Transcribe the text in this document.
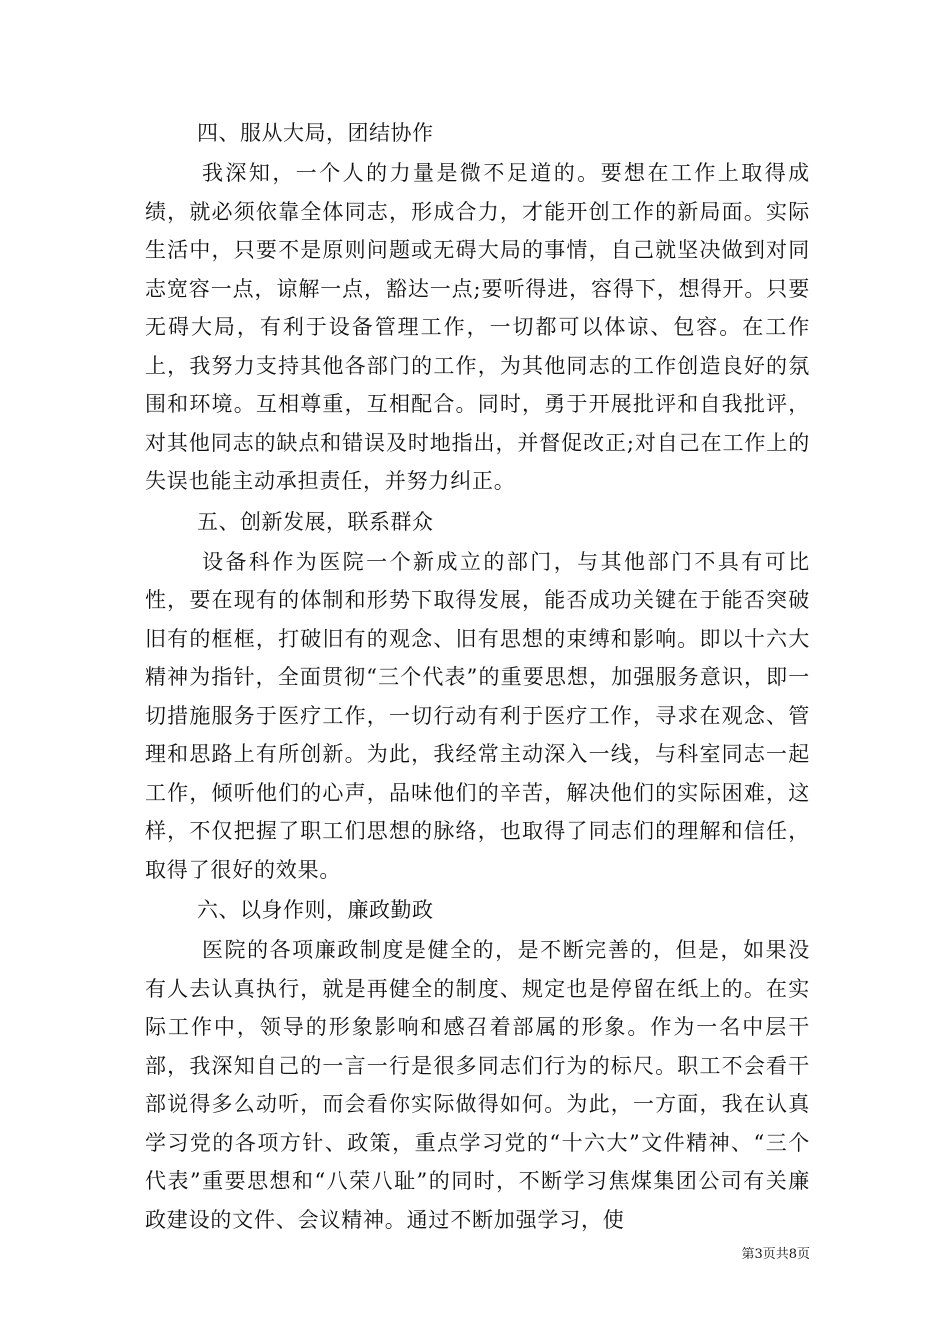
四、服从大局，团结协作

我深知，一个人的力量是微不足道的。要想在工作上取得成绩，就必须依靠全体同志，形成合力，才能开创工作的新局面。实际生活中，只要不是原则问题或无碍大局的事情，自己就坚决做到对同志宽容一点，谅解一点，豁达一点;要听得进，容得下，想得开。只要无碍大局，有利于设备管理工作，一切都可以体谅、包容。在工作上，我努力支持其他各部门的工作，为其他同志的工作创造良好的氛围和环境。互相尊重，互相配合。同时，勇于开展批评和自我批评，对其他同志的缺点和错误及时地指出，并督促改正;对自己在工作上的失误也能主动承担责任，并努力纠正。

五、创新发展，联系群众

设备科作为医院一个新成立的部门，与其他部门不具有可比性，要在现有的体制和形势下取得发展，能否成功关键在于能否突破旧有的框框，打破旧有的观念、旧有思想的束缚和影响。即以十六大精神为指针，全面贯彻“三个代表”的重要思想，加强服务意识，即一切措施服务于医疗工作，一切行动有利于医疗工作，寻求在观念、管理和思路上有所创新。为此，我经常主动深入一线，与科室同志一起工作，倾听他们的心声，品味他们的辛苦，解决他们的实际困难，这样，不仅把握了职工们思想的脉络，也取得了同志们的理解和信任，取得了很好的效果。

六、以身作则，廉政勤政

医院的各项廉政制度是健全的，是不断完善的，但是，如果没有人去认真执行，就是再健全的制度、规定也是停留在纸上的。在实际工作中，领导的形象影响和感召着部属的形象。作为一名中层干部，我深知自己的一言一行是很多同志们行为的标尺。职工不会看干部说得多么动听，而会看你实际做得如何。为此，一方面，我在认真学习党的各项方针、政策，重点学习党的“十六大”文件精神、“三个代表”重要思想和“八荣八耻”的同时，不断学习焦煤集团公司有关廉政建设的文件、会议精神。通过不断加强学习，使

第3页共8页
